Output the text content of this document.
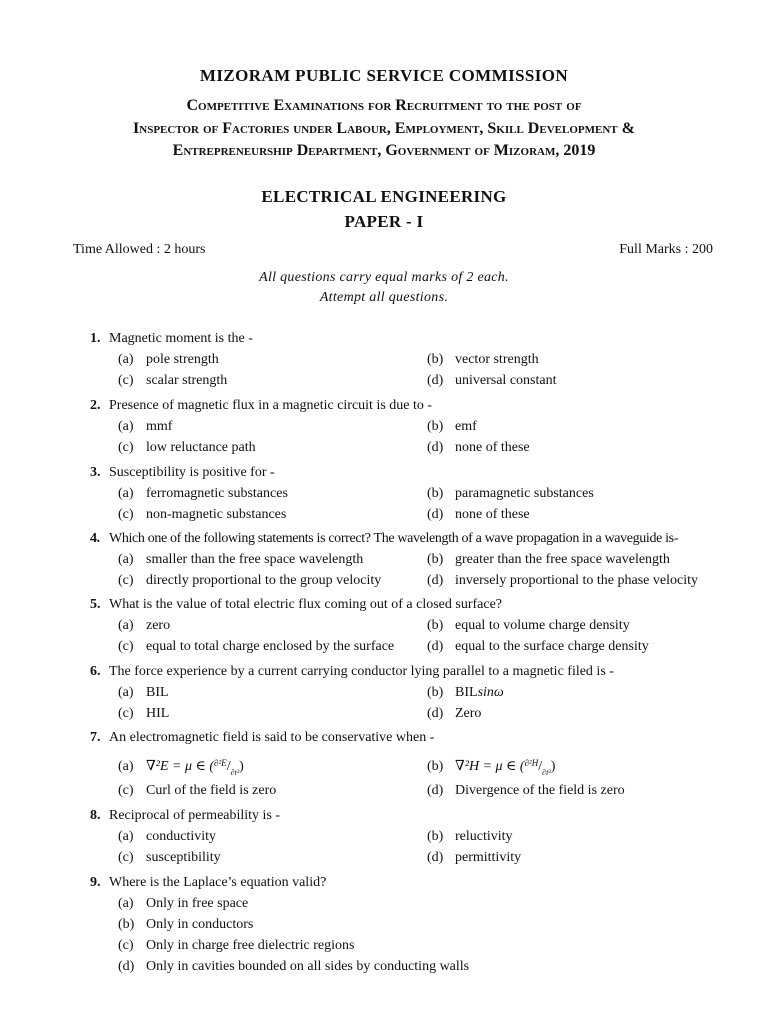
MIZORAM PUBLIC SERVICE COMMISSION
Competitive Examinations for Recruitment to the post of
Inspector of Factories under Labour, Employment, Skill Development &
Entrepreneurship Department, Government of Mizoram, 2019
ELECTRICAL ENGINEERING
PAPER - I
Time Allowed : 2 hours	Full Marks : 200
All questions carry equal marks of 2 each.
Attempt all questions.
1. Magnetic moment is the -
(a) pole strength	(b) vector strength
(c) scalar strength	(d) universal constant
2. Presence of magnetic flux in a magnetic circuit is due to -
(a) mmf	(b) emf
(c) low reluctance path	(d) none of these
3. Susceptibility is positive for -
(a) ferromagnetic substances	(b) paramagnetic substances
(c) non-magnetic substances	(d) none of these
4. Which one of the following statements is correct? The wavelength of a wave propagation in a waveguide is-
(a) smaller than the free space wavelength	(b) greater than the free space wavelength
(c) directly proportional to the group velocity	(d) inversely proportional to the phase velocity
5. What is the value of total electric flux coming out of a closed surface?
(a) zero	(b) equal to volume charge density
(c) equal to total charge enclosed by the surface (d) equal to the surface charge density
6. The force experience by a current carrying conductor lying parallel to a magnetic filed is -
(a) BIL	(b) BILsinω
(c) HIL	(d) Zero
7. An electromagnetic field is said to be conservative when -
(a) ∇²E = μ ∈ $(^{\partial^2E}/_{\partial t^2})$	(b) ∇²H = μ ∈ $(^{\partial^2H}/_{\partial t^2})$
(c) Curl of the field is zero	(d) Divergence of the field is zero
8. Reciprocal of permeability is -
(a) conductivity	(b) reluctivity
(c) susceptibility	(d) permittivity
9. Where is the Laplace’s equation valid?
(a) Only in free space
(b) Only in conductors
(c) Only in charge free dielectric regions
(d) Only in cavities bounded on all sides by conducting walls
